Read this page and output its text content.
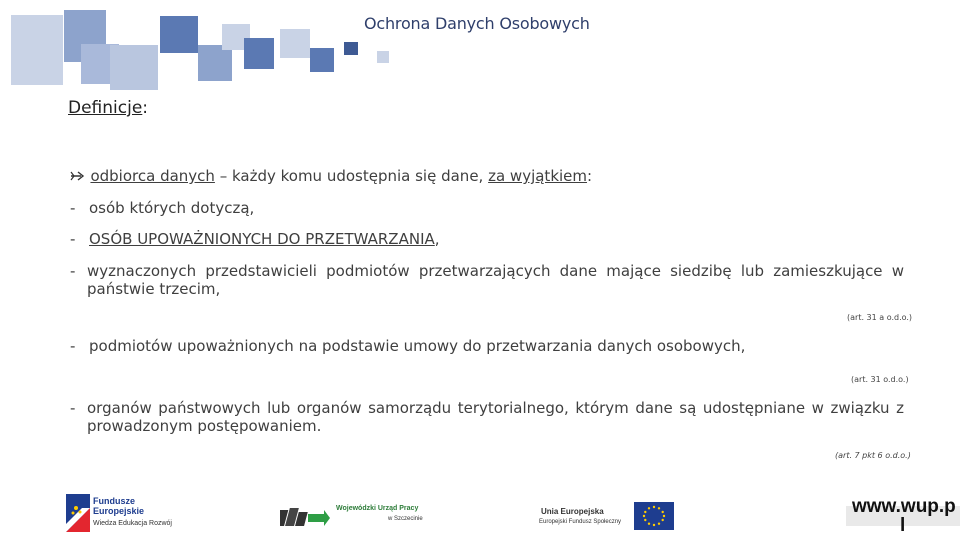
Ochrona Danych Osobowych
Definicje:
odbiorca danych – każdy komu udostępnia się dane, za wyjątkiem:
- osób których dotyczą,
- OSÓB UPOWAŻNIONYCH DO PRZETWARZANIA,
- wyznaczonych przedstawicieli podmiotów przetwarzających dane mające siedzibę lub zamieszkujące w państwie trzecim,
(art. 31 a o.d.o.)
- podmiotów upoważnionych na podstawie umowy do przetwarzania danych osobowych,
(art. 31 o.d.o.)
- organów państwowych lub organów samorządu terytorialnego, którym dane są udostępniane w związku z prowadzonym postępowaniem.
(art. 7 pkt 6 o.d.o.)
Fundusze
Europejskie
Wiedza Edukacja Rozwój
Wojewódzki Urząd Pracy
w Szczecinie
Unia Europejska
Europejski Fundusz Społeczny
www.wup.p
l
